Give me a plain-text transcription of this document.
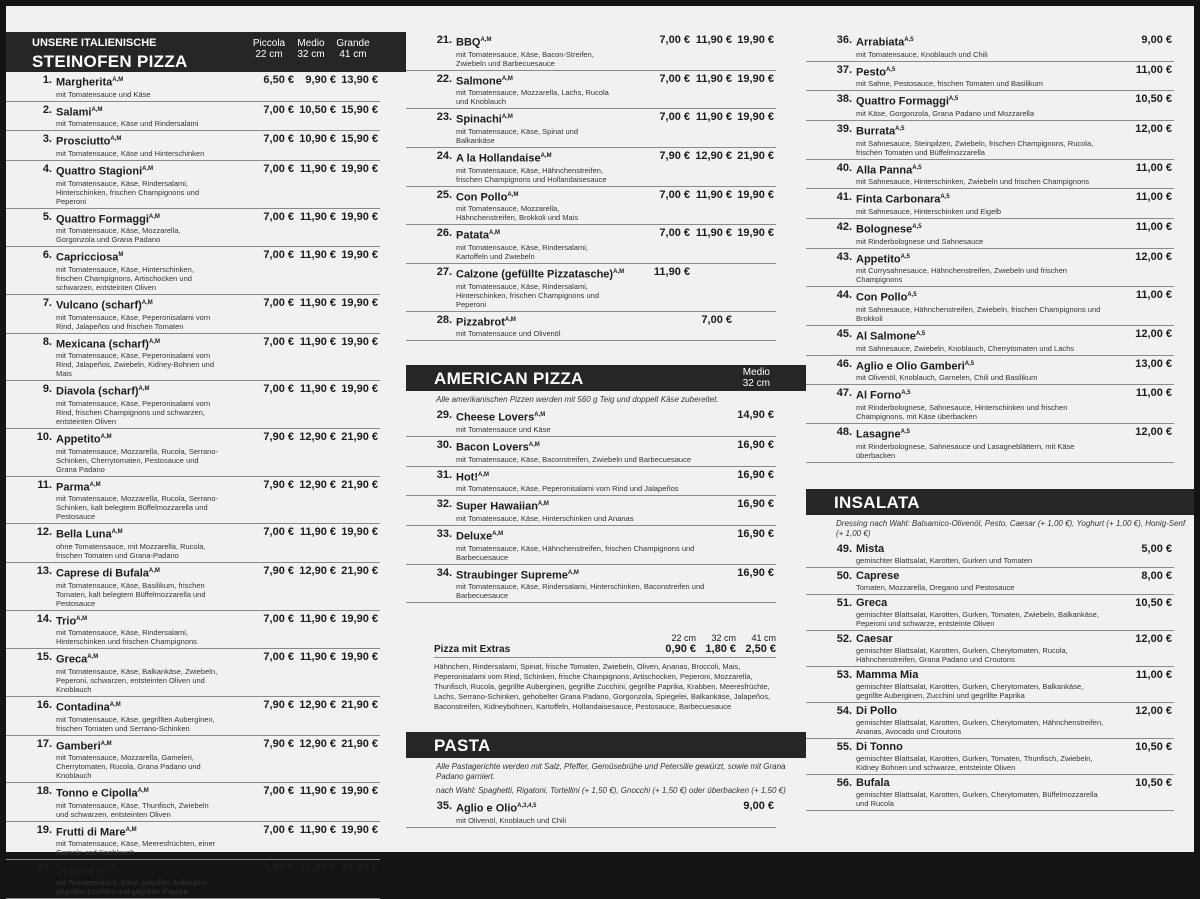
UNSERE ITALIENISCHE
STEINOFEN PIZZA
Piccola
22 cm
Medio
32 cm
Grande
41 cm
1. Margherita$^{A,M}$
mit Tomatensauce und Käse
6,50 €	9,90 € 13,90 €
2. Salami$^{A,M}$
mit Tomatensauce, Käse und Rindersalami
7,00 € 10,50 € 15,90 €
3. Prosciutto$^{A,M}$
mit Tomatensauce, Käse und Hinterschinken
7,00 € 10,90 € 15,90 €
4. Quattro Stagioni$^{A,M}$
mit Tomatensauce, Käse, Rindersalami, Hinterschinken, frischen Champignons und Peperoni
7,00 € 11,90 € 19,90 €
5. Quattro Formaggi$^{A,M}$
mit Tomatensauce, Käse, Mozzarella, Gorgonzola und Grana Padano
7,00 € 11,90 € 19,90 €
6. Capricciosa$^M$
mit Tomatensauce, Käse, Hinterschinken, frischen Champignons, Artischocken und schwarzen, entsteinten Oliven
7,00 € 11,90 € 19,90 €
7. Vulcano (scharf)$^{A,M}$
mit Tomatensauce, Käse, Peperonisalami vom Rind, Jalapeños und frischen Tomaten
7,00 € 11,90 € 19,90 €
8. Mexicana (scharf)$^{A,M}$
mit Tomatensauce, Käse, Peperonisalami vom Rind, Jalapeños, Zwiebeln, Kidney-Bohnen und Mais
7,00 € 11,90 € 19,90 €
9. Diavola (scharf)$^{A,M}$
mit Tomatensauce, Käse, Peperonisalami vom Rind, frischen Champignons und schwarzen, entsteinten Oliven
7,00 € 11,90 € 19,90 €
10. Appetito$^{A,M}$
mit Tomatensauce, Mozzarella, Rucola, Serrano-Schinken, Cherrytomaten, Pestosauce und Grana Padano
7,90 € 12,90 € 21,90 €
11. Parma$^{A,M}$
mit Tomatensauce, Mozzarella, Rucola, Serrano-Schinken, kalt belegtem Büffelmozzarella und Pestosauce
7,90 € 12,90 € 21,90 €
12. Bella Luna$^{A,M}$
ohne Tomatensauce, mit Mozzarella, Rucola, frischen Tomaten und Grana-Padano
7,00 € 11,90 € 19,90 €
13. Caprese di Bufala$^{A,M}$
mit Tomatensauce, Käse, Basilikum, frischen Tomaten, kalt belegtem Büffelmozzarella und Pestosauce
7,90 € 12,90 € 21,90 €
14. Trio$^{A,M}$
mit Tomatensauce, Käse, Rindersalami, Hinterschinken und frischen Champignons
7,00 € 11,90 € 19,90 €
15. Greca$^{A,M}$
mit Tomatensauce, Käse, Balkankäse, Zwiebeln, Peperoni, schwarzen, entsteinten Oliven und Knoblauch
7,00 € 11,90 € 19,90 €
16. Contadina$^{A,M}$
mit Tomatensauce, Käse, gegrillten Auberginen, frischen Tomaten und Serrano-Schinken
7,90 € 12,90 € 21,90 €
17. Gamberi$^{A,M}$
mit Tomatensauce, Mozzarella, Gameleri, Cherrytomaten, Rucola, Grana Padano und Knoblauch
7,90 € 12,90 € 21,90 €
18. Tonno e Cipolla$^{A,M}$
mit Tomatensauce, Käse, Thunfisch, Zwiebeln und schwarzen, entsteinten Oliven
7,00 € 11,90 € 19,90 €
19. Frutti di Mare$^{A,M}$
mit Tomatensauce, Käse, Meeresfrüchten, einer Gamele und Knoblauch
7,00 € 11,90 € 19,90 €
20. Vegetaria$^{A,M}$
mit Tomatensauce, Käse, gegrillter Aubergine, gegrillter Zucchini und gegrillter Paprika
7,00 € 11,90 € 19,90 €
21. $BBQ^{A,M}$
mit Tomatensauce, Käse, Bacon-Streifen, Zwiebeln und Barbecuesauce
7,00 € 11,90 € 19,90 €
22. Salmone$^{A,M}$
mit Tomatensauce, Mozzarella, Lachs, Rucola und Knoblauch
7,00 € 11,90 € 19,90 €
23. Spinachi$^{A,M}$
mit Tomatensauce, Käse, Spinat und Balkankäse
7,00 € 11,90 € 19,90 €
24. A la Hollandaise$^{A,M}$
mit Tomatensauce, Käse, Hähnchenstreifen, frischen Champignons und Hollandaisesauce
7,90 € 12,90 € 21,90 €
25. Con Pollo$^{A,M}$
mit Tomatensauce, Mozzarella, Hähnchenstreifen, Brokkoli und Mais
7,00 € 11,90 € 19,90 €
26. Patata$^{A,M}$
mit Tomatensauce, Käse, Rindersalami, Kartoffeln und Zwiebeln
7,00 € 11,90 € 19,90 €
27. Calzone (gefüllte Pizzatasche)$^{A,M}$
mit Tomatensauce, Käse, Rindersalami, Hinterschinken, frischen Champignons und Peperoni
11,90 €
28. Pizzabrot$^{A,M}$
mit Tomatensauce und Olivenöl
7,00 €
AMERICAN PIZZA	Medio
32 cm
Alle amerikanischen Pizzen werden mit 560 g Teig und doppelt Käse zubereitet.
29. Cheese Lovers$^{A,M}$
mit Tomatensauce und Käse
14,90 €
30. Bacon Lovers$^{A,M}$
mit Tomatensauce, Käse, Baconstreifen, Zwiebeln und Barbecuesauce
16,90 €
31. Hot!$^{A,M}$
mit Tomatensauce, Käse, Peperonisalami vom Rind und Jalapeños
16,90 €
32. Super Hawaiian$^{A,M}$
mit Tomatensauce, Käse, Hinterschinken und Ananas
16,90 €
33. Deluxe$^{A,M}$
mit Tomatensauce, Käse, Hähnchenstreifen, frischen Champignons und Barbecuesauce
16,90 €
34. Straubinger Supreme$^{A,M}$
mit Tomatensauce, Käse, Rindersalami, Hinterschinken, Baconstreifen und Barbecuesauce
16,90 €
22 cm	32 cm	41 cm
Pizza mit Extras	0,90 € 1,80 € 2,50 €
Hähnchen, Rindersalami, Spinat, frische Tomaten, Zwiebeln, Oliven, Ananas, Broccoli, Mais, Peperonisalami vom Rind, Schinken, frische Champignons, Artischocken, Peperoni, Mozzarella, Thunfisch, Rucola, gegrillte Auberginen, gegrillte Zucchini, gegrillte Paprika, Krabben, Meeresfrüchte, Lachs, Serrano-Schinken, gehobelter Grana Padano, Gorgonzola, Spiegelei, Balkankäse, Jalapeños, Baconstreifen, Kidneybohnen, Kartoffeln, Hollandaisesauce, Pestosauce, Barbecuesauce
PASTA
Alle Pastagerichte werden mit Salz, Pfeffer, Gemüsebrühe und Petersilie gewürzt, sowie mit Grana Padano garniert.
nach Wahl: Spaghetti, Rigatoni, Tortellini (+ 1,50 €), Gnocchi (+ 1,50 €) oder überbacken (+ 1,50 €)
35. Aglio e Olio$^{A,3,4,5}$
mit Olivenöl, Knoblauch und Chili
9,00 €
36. Arrabiata$^{A,5}$
mit Tomatensauce, Knoblauch und Chili
9,00 €
37. Pesto$^{A,5}$
mit Sahne, Pestosauce, frischen Tomaten und Basilikum
11,00 €
38. Quattro Formaggi$^{A,5}$
mit Käse, Gorgonzola, Grana Padano und Mozzarella
10,50 €
39. Burrata$^{A,5}$
mit Sahnesauce, Steinpilzen, Zwiebeln, frischen Champignons, Rucola, frischen Tomaten und Büffelmozzarella
12,00 €
40. Alla Panna$^{A,5}$
mit Sahnesauce, Hinterschinken, Zwiebeln und frischen Champignons
11,00 €
41. Finta Carbonara$^{A,5}$
mit Sahnesauce, Hinterschinken und Eigelb
11,00 €
42. Bolognese$^{A,5}$
mit Rinderbolognese und Sahnesauce
11,00 €
43. Appetito$^{A,5}$
mit Currysahnesauce, Hähnchenstreifen, Zwiebeln und frischen Champignons
12,00 €
44. Con Pollo$^{A,5}$
mit Sahnesauce, Hähnchenstreifen, Zwiebeln, frischen Champignons und Brokkoli
11,00 €
45. Al Salmone$^{A,5}$
mit Sahnesauce, Zwiebeln, Knoblauch, Cherrytomaten und Lachs
12,00 €
46. Aglio e Olio Gamberi$^{A,5}$
mit Olivenöl, Knoblauch, Garnelen, Chili und Basilikum
13,00 €
47. Al Forno$^{A,5}$
mit Rinderbolognese, Sahnesauce, Hinterschinken und frischen Champignons, mit Käse überbacken
11,00 €
48. Lasagne$^{A,5}$
mit Rinderbolognese, Sahnesauce und Lasagneblättern, mit Käse überbacken
12,00 €
INSALATA
Dressing nach Wahl: Balsamico-Olivenöl, Pesto, Caesar (+ 1,00 €), Yoghurt (+ 1,00 €), Honig-Senf (+ 1,00 €)
49. Mista
gemischter Blattsalat, Karotten, Gurken und Tomaten
5,00 €
50. Caprese
Tomaten, Mozzarella, Oregano und Pestosauce
8,00 €
51. Greca
gemischter Blattsalat, Karotten, Gurken, Tomaten, Zwiebeln, Balkankäse, Peperoni und schwarze, entsteinte Oliven
10,50 €
52. Caesar
gemischter Blattsalat, Karotten, Gurken, Cherytomaten, Rucola, Hähnchenstreifen, Grana Padano und Croutons
12,00 €
53. Mamma Mia
gemischter Blattsalat, Karotten, Gurken, Cherytomaten, Balkankäse, gegrillte Auberginen, Zucchini und gegrillte Paprika
11,00 €
54. Di Pollo
gemischter Blattsalat, Karotten, Gurken, Cherytomaten, Hähnchenstreifen, Ananas, Avocado und Croutons
12,00 €
55. Di Tonno
gemischter Blattsalat, Karotten, Gurken, Tomaten, Thunfisch, Zwiebeln, Kidney Bohnen und schwarze, entsteinte Oliven
10,50 €
56. Bufala
gemischter Blattsalat, Karotten, Gurken, Cherytomaten, Büffelmozzarella und Rucola
10,50 €
